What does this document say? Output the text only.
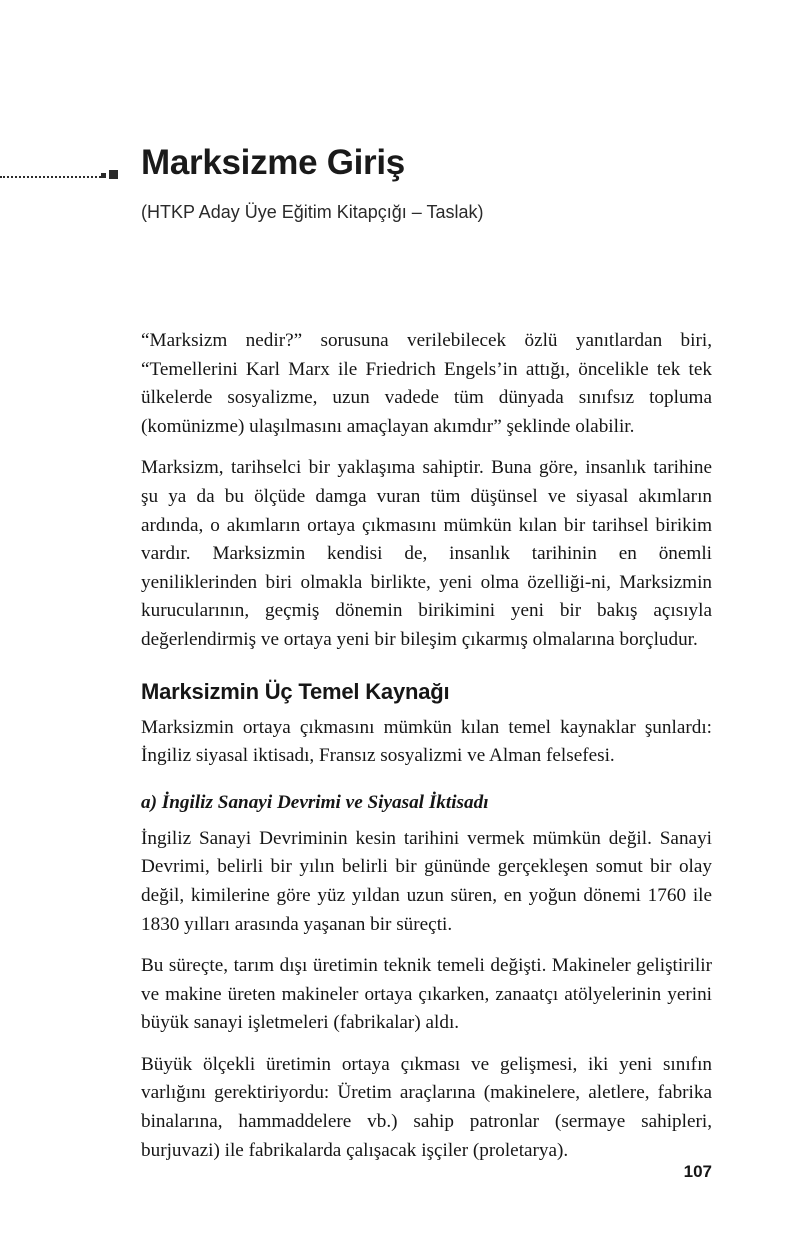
Marksizme Giriş

(HTKP Aday Üye Eğitim Kitapçığı – Taslak)

“Marksizm nedir?” sorusuna verilebilecek özlü yanıtlardan biri, “Temellerini Karl Marx ile Friedrich Engels’in attığı, öncelikle tek tek ülkelerde sosyalizme, uzun vadede tüm dünyada sınıfsız topluma (komünizme) ulaşılmasını amaçlayan akımdır” şeklinde olabilir.

Marksizm, tarihselci bir yaklaşıma sahiptir. Buna göre, insanlık tarihine şu ya da bu ölçüde damga vuran tüm düşünsel ve siyasal akımların ardında, o akımların ortaya çıkmasını mümkün kılan bir tarihsel birikim vardır. Marksizmin kendisi de, insanlık tarihinin en önemli yeniliklerinden biri olmakla birlikte, yeni olma özelliği-ni, Marksizmin kurucularının, geçmiş dönemin birikimini yeni bir bakış açısıyla değerlendirmiş ve ortaya yeni bir bileşim çıkarmış olmalarına borçludur.

Marksizmin Üç Temel Kaynağı

Marksizmin ortaya çıkmasını mümkün kılan temel kaynaklar şunlardı: İngiliz siyasal iktisadı, Fransız sosyalizmi ve Alman felsefesi.

a) İngiliz Sanayi Devrimi ve Siyasal İktisadı

İngiliz Sanayi Devriminin kesin tarihini vermek mümkün değil. Sanayi Devrimi, belirli bir yılın belirli bir gününde gerçekleşen somut bir olay değil, kimilerine göre yüz yıldan uzun süren, en yoğun dönemi 1760 ile 1830 yılları arasında yaşanan bir süreçti.

Bu süreçte, tarım dışı üretimin teknik temeli değişti. Makineler geliştirilir ve makine üreten makineler ortaya çıkarken, zanaatçı atölyelerinin yerini büyük sanayi işletmeleri (fabrikalar) aldı.

Büyük ölçekli üretimin ortaya çıkması ve gelişmesi, iki yeni sınıfın varlığını gerektiriyordu: Üretim araçlarına (makinelere, aletlere, fabrika binalarına, hammaddelere vb.) sahip patronlar (sermaye sahipleri, burjuvazi) ile fabrikalarda çalışacak işçiler (proletarya).

107
